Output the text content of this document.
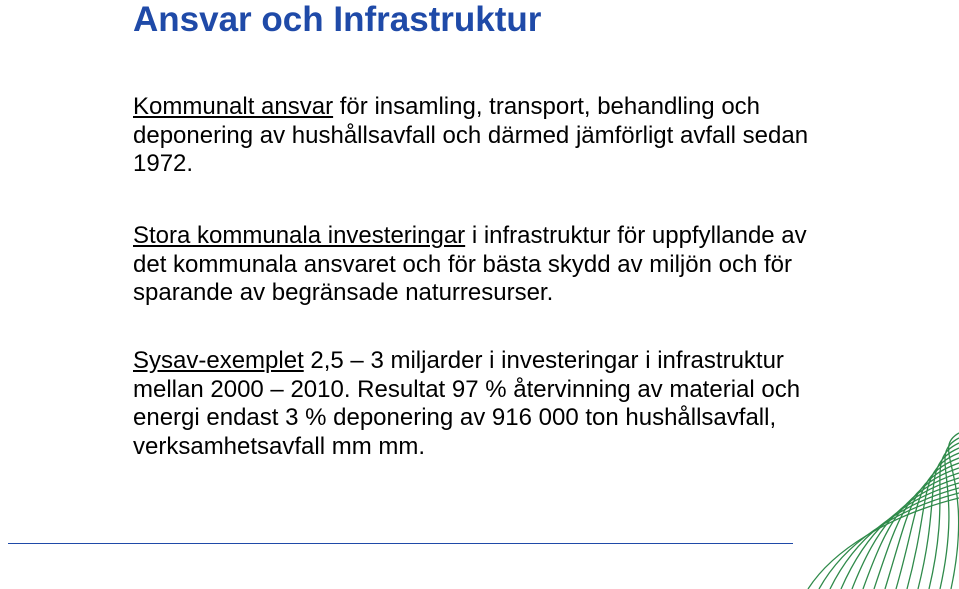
Ansvar och Infrastruktur
Kommunalt ansvar för insamling, transport, behandling och
deponering av hushållsavfall och därmed jämförligt avfall sedan
1972.
Stora kommunala investeringar i infrastruktur för uppfyllande av
det kommunala ansvaret och för bästa skydd av miljön och för
sparande av begränsade naturresurser.
Sysav-exemplet 2,5 – 3 miljarder i investeringar i infrastruktur
mellan 2000 – 2010. Resultat 97 % återvinning av material och
energi endast 3 % deponering av 916 000 ton hushållsavfall,
verksamhetsavfall mm mm.
